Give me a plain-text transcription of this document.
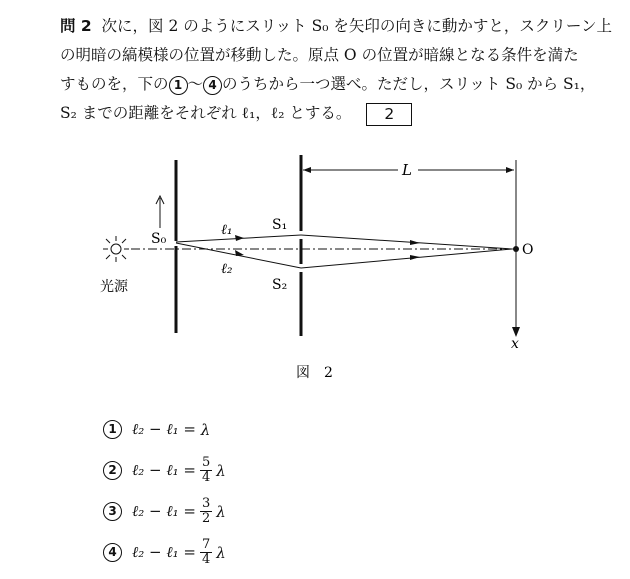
問 2 次に，図 2 のようにスリット S₀ を矢印の向きに動かすと，スクリーン上
の明暗の縞模様の位置が移動した。原点 O の位置が暗線となる条件を満た
すものを，下の 1 ～ 4 のうちから一つ選べ。ただし，スリット S₀ から S₁，
S₂ までの距離をそれぞれ ℓ₁，ℓ₂ とする。 2
S₀
S₁
S₂
ℓ₁
ℓ₂
L
O
x
光源
図　2
1	ℓ₂ − ℓ₁ =
λ
2	ℓ₂ − ℓ₁ = $\frac{5}{4}$ λ
3	ℓ₂ − ℓ₁ = $\frac{3}{2}$ λ
4	ℓ₂ − ℓ₁ = $\frac{7}{4}$ λ
